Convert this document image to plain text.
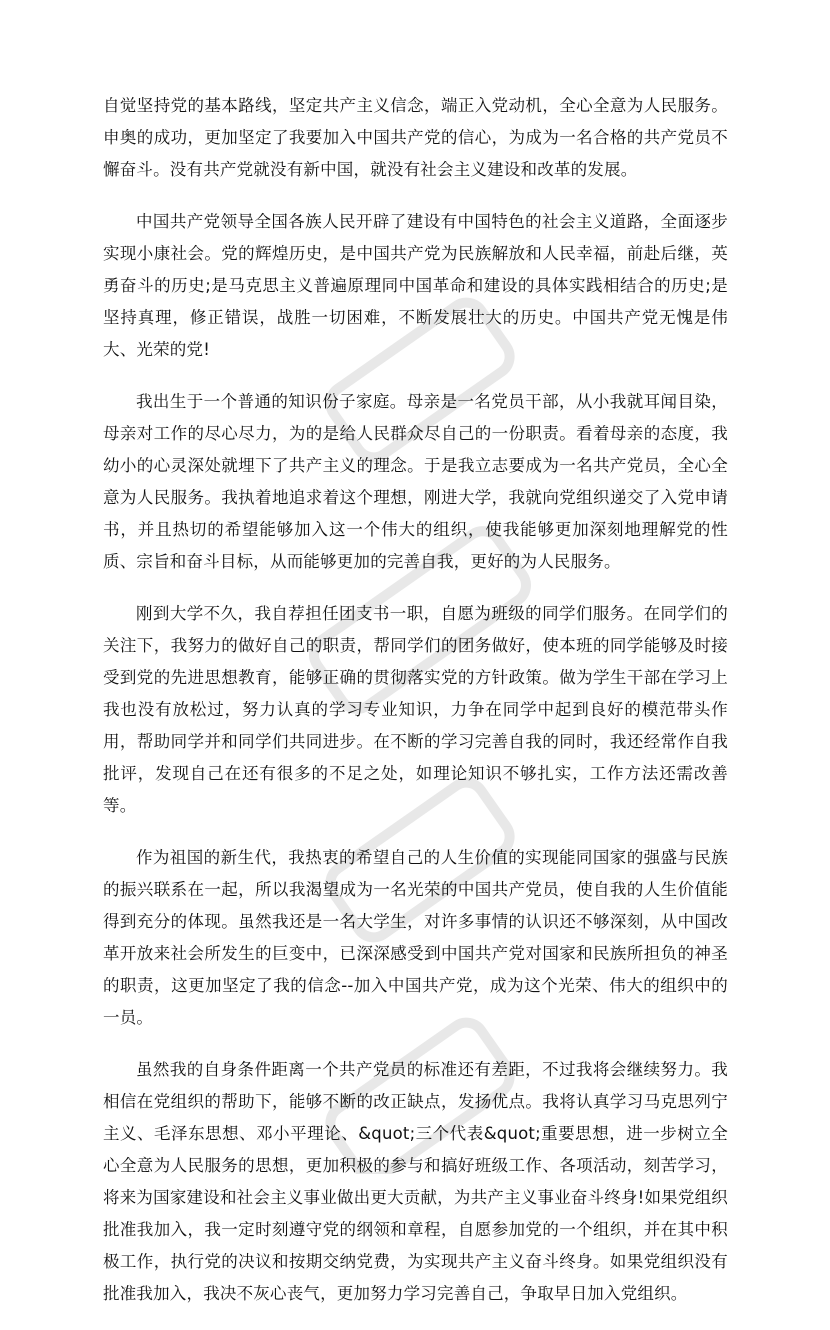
自觉坚持党的基本路线，坚定共产主义信念，端正入党动机，全心全意为人民服务。申奥的成功，更加坚定了我要加入中国共产党的信心，为成为一名合格的共产党员不懈奋斗。没有共产党就没有新中国，就没有社会主义建设和改革的发展。

中国共产党领导全国各族人民开辟了建设有中国特色的社会主义道路，全面逐步实现小康社会。党的辉煌历史，是中国共产党为民族解放和人民幸福，前赴后继，英勇奋斗的历史;是马克思主义普遍原理同中国革命和建设的具体实践相结合的历史;是坚持真理，修正错误，战胜一切困难，不断发展壮大的历史。中国共产党无愧是伟大、光荣的党!

我出生于一个普通的知识份子家庭。母亲是一名党员干部，从小我就耳闻目染，母亲对工作的尽心尽力，为的是给人民群众尽自己的一份职责。看着母亲的态度，我幼小的心灵深处就埋下了共产主义的理念。于是我立志要成为一名共产党员，全心全意为人民服务。我执着地追求着这个理想，刚进大学，我就向党组织递交了入党申请书，并且热切的希望能够加入这一个伟大的组织，使我能够更加深刻地理解党的性质、宗旨和奋斗目标，从而能够更加的完善自我，更好的为人民服务。

刚到大学不久，我自荐担任团支书一职，自愿为班级的同学们服务。在同学们的关注下，我努力的做好自己的职责，帮同学们的团务做好，使本班的同学能够及时接受到党的先进思想教育，能够正确的贯彻落实党的方针政策。做为学生干部在学习上我也没有放松过，努力认真的学习专业知识，力争在同学中起到良好的模范带头作用，帮助同学并和同学们共同进步。在不断的学习完善自我的同时，我还经常作自我批评，发现自己在还有很多的不足之处，如理论知识不够扎实，工作方法还需改善等。

作为祖国的新生代，我热衷的希望自己的人生价值的实现能同国家的强盛与民族的振兴联系在一起，所以我渴望成为一名光荣的中国共产党员，使自我的人生价值能得到充分的体现。虽然我还是一名大学生，对许多事情的认识还不够深刻，从中国改革开放来社会所发生的巨变中，已深深感受到中国共产党对国家和民族所担负的神圣的职责，这更加坚定了我的信念--加入中国共产党，成为这个光荣、伟大的组织中的一员。

虽然我的自身条件距离一个共产党员的标准还有差距，不过我将会继续努力。我相信在党组织的帮助下，能够不断的改正缺点，发扬优点。我将认真学习马克思列宁主义、毛泽东思想、邓小平理论、&quot;三个代表&quot;重要思想，进一步树立全心全意为人民服务的思想，更加积极的参与和搞好班级工作、各项活动，刻苦学习，将来为国家建设和社会主义事业做出更大贡献，为共产主义事业奋斗终身!如果党组织批准我加入，我一定时刻遵守党的纲领和章程，自愿参加党的一个组织，并在其中积极工作，执行党的决议和按期交纳党费，为实现共产主义奋斗终身。如果党组织没有批准我加入，我决不灰心丧气，更加努力学习完善自己，争取早日加入党组织。
